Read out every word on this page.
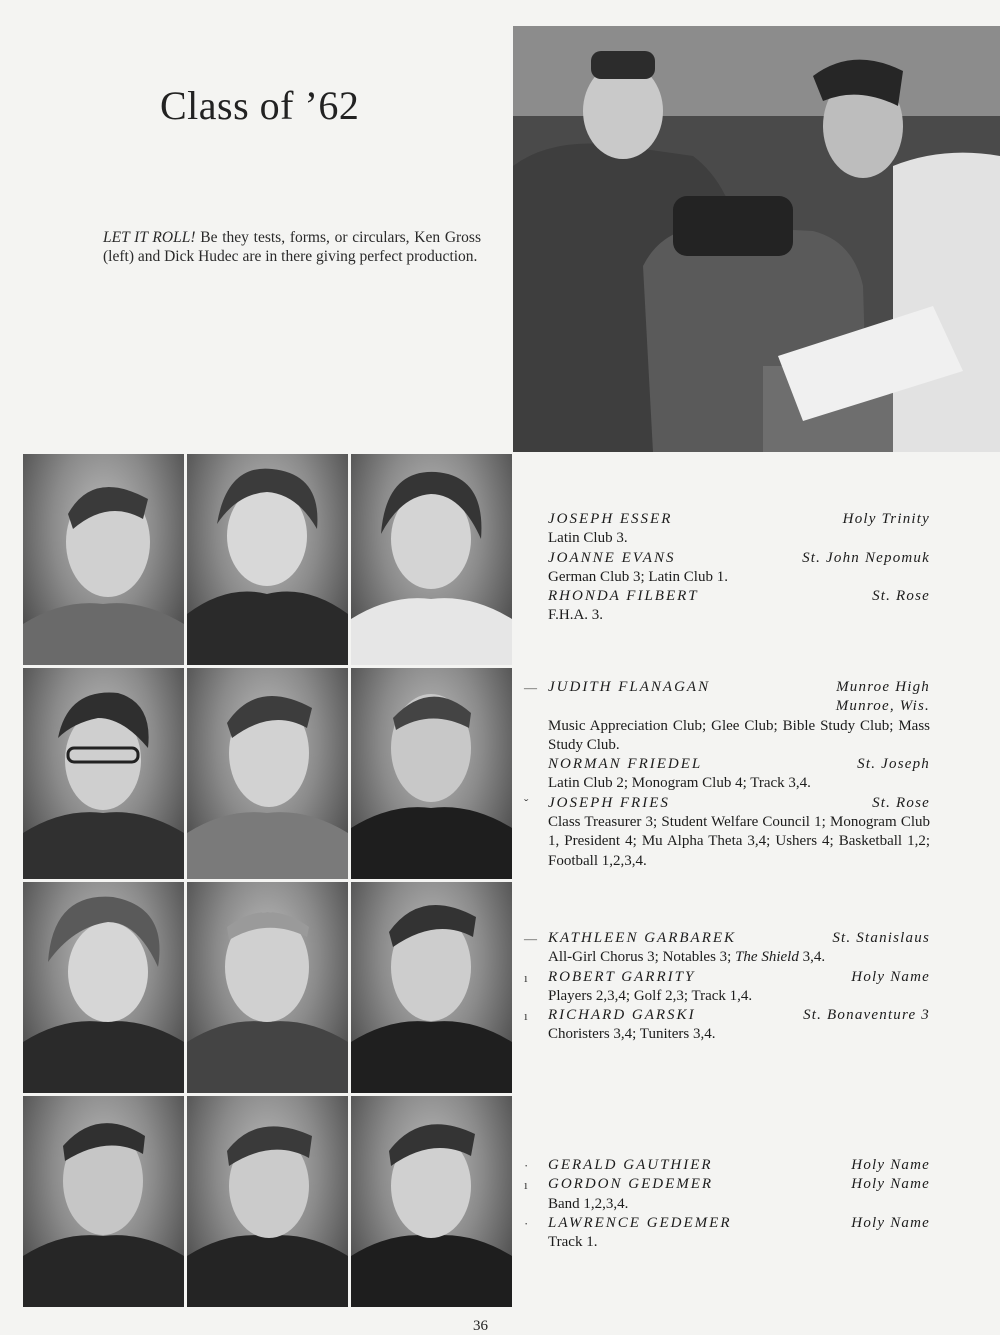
Class of ’62
LET IT ROLL! Be they tests, forms, or circulars, Ken Gross (left) and Dick Hudec are in there giving perfect production.
JOSEPH ESSER	Holy Trinity
Latin Club 3.
JOANNE EVANS	St. John Nepomuk
German Club 3; Latin Club 1.
RHONDA FILBERT	St. Rose
F.H.A. 3.
— JUDITH FLANAGAN	Munroe High
Munroe, Wis.
Music Appreciation Club; Glee Club; Bible Study Club; Mass Study Club.
NORMAN FRIEDEL	St. Joseph
Latin Club 2; Monogram Club 4; Track 3,4.
ˇ JOSEPH FRIES	St. Rose
Class Treasurer 3; Student Welfare Council 1; Monogram Club 1, President 4; Mu Alpha Theta 3,4; Ushers 4; Basketball 1,2; Football 1,2,3,4.
— KATHLEEN GARBAREK	St. Stanislaus
All-Girl Chorus 3; Notables 3; The Shield 3,4.
ı ROBERT GARRITY	Holy Name
Players 2,3,4; Golf 2,3; Track 1,4.
ı RICHARD GARSKI	St. Bonaventure 3
Choristers 3,4; Tuniters 3,4.
· GERALD GAUTHIER	Holy Name
ı GORDON GEDEMER	Holy Name
Band 1,2,3,4.
· LAWRENCE GEDEMER	Holy Name
Track 1.
36
